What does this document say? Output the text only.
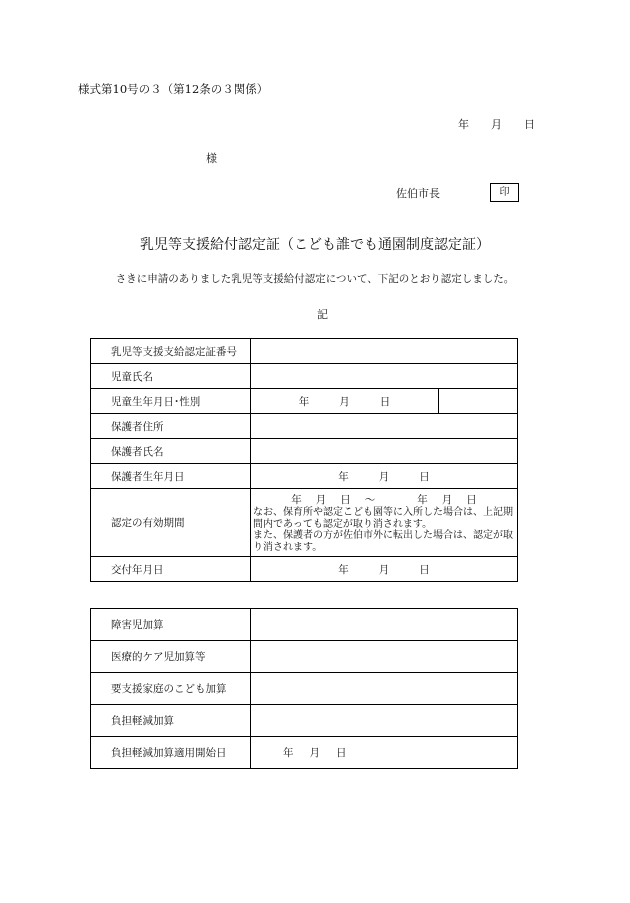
様式第10号の３（第12条の３関係）
年 月 日
様
佐伯市長	印
乳児等支援給付認定証（こども誰でも通園制度認定証）
さきに申請のありました乳児等支援給付認定について、下記のとおり認定しました。
記
乳児等支援支給認定証番号		
児童氏名		
児童生年月日･性別	年 月 日	

保護者住所		
保護者氏名		
保護者生年月日	年 月 日	

認定の有効期間	年 月 日 ～ 年 月 日
なお、保育所や認定こども園等に入所した場合は、上記期間内であっても認定が取り消されます。
また、保護者の方が佐伯市外に転出した場合は、認定が取り消されます。	

交付年月日	年 月 日	
障害児加算	
医療的ケア児加算等	
要支援家庭のこども加算	
負担軽減加算	
負担軽減加算適用開始日	年 月 日
